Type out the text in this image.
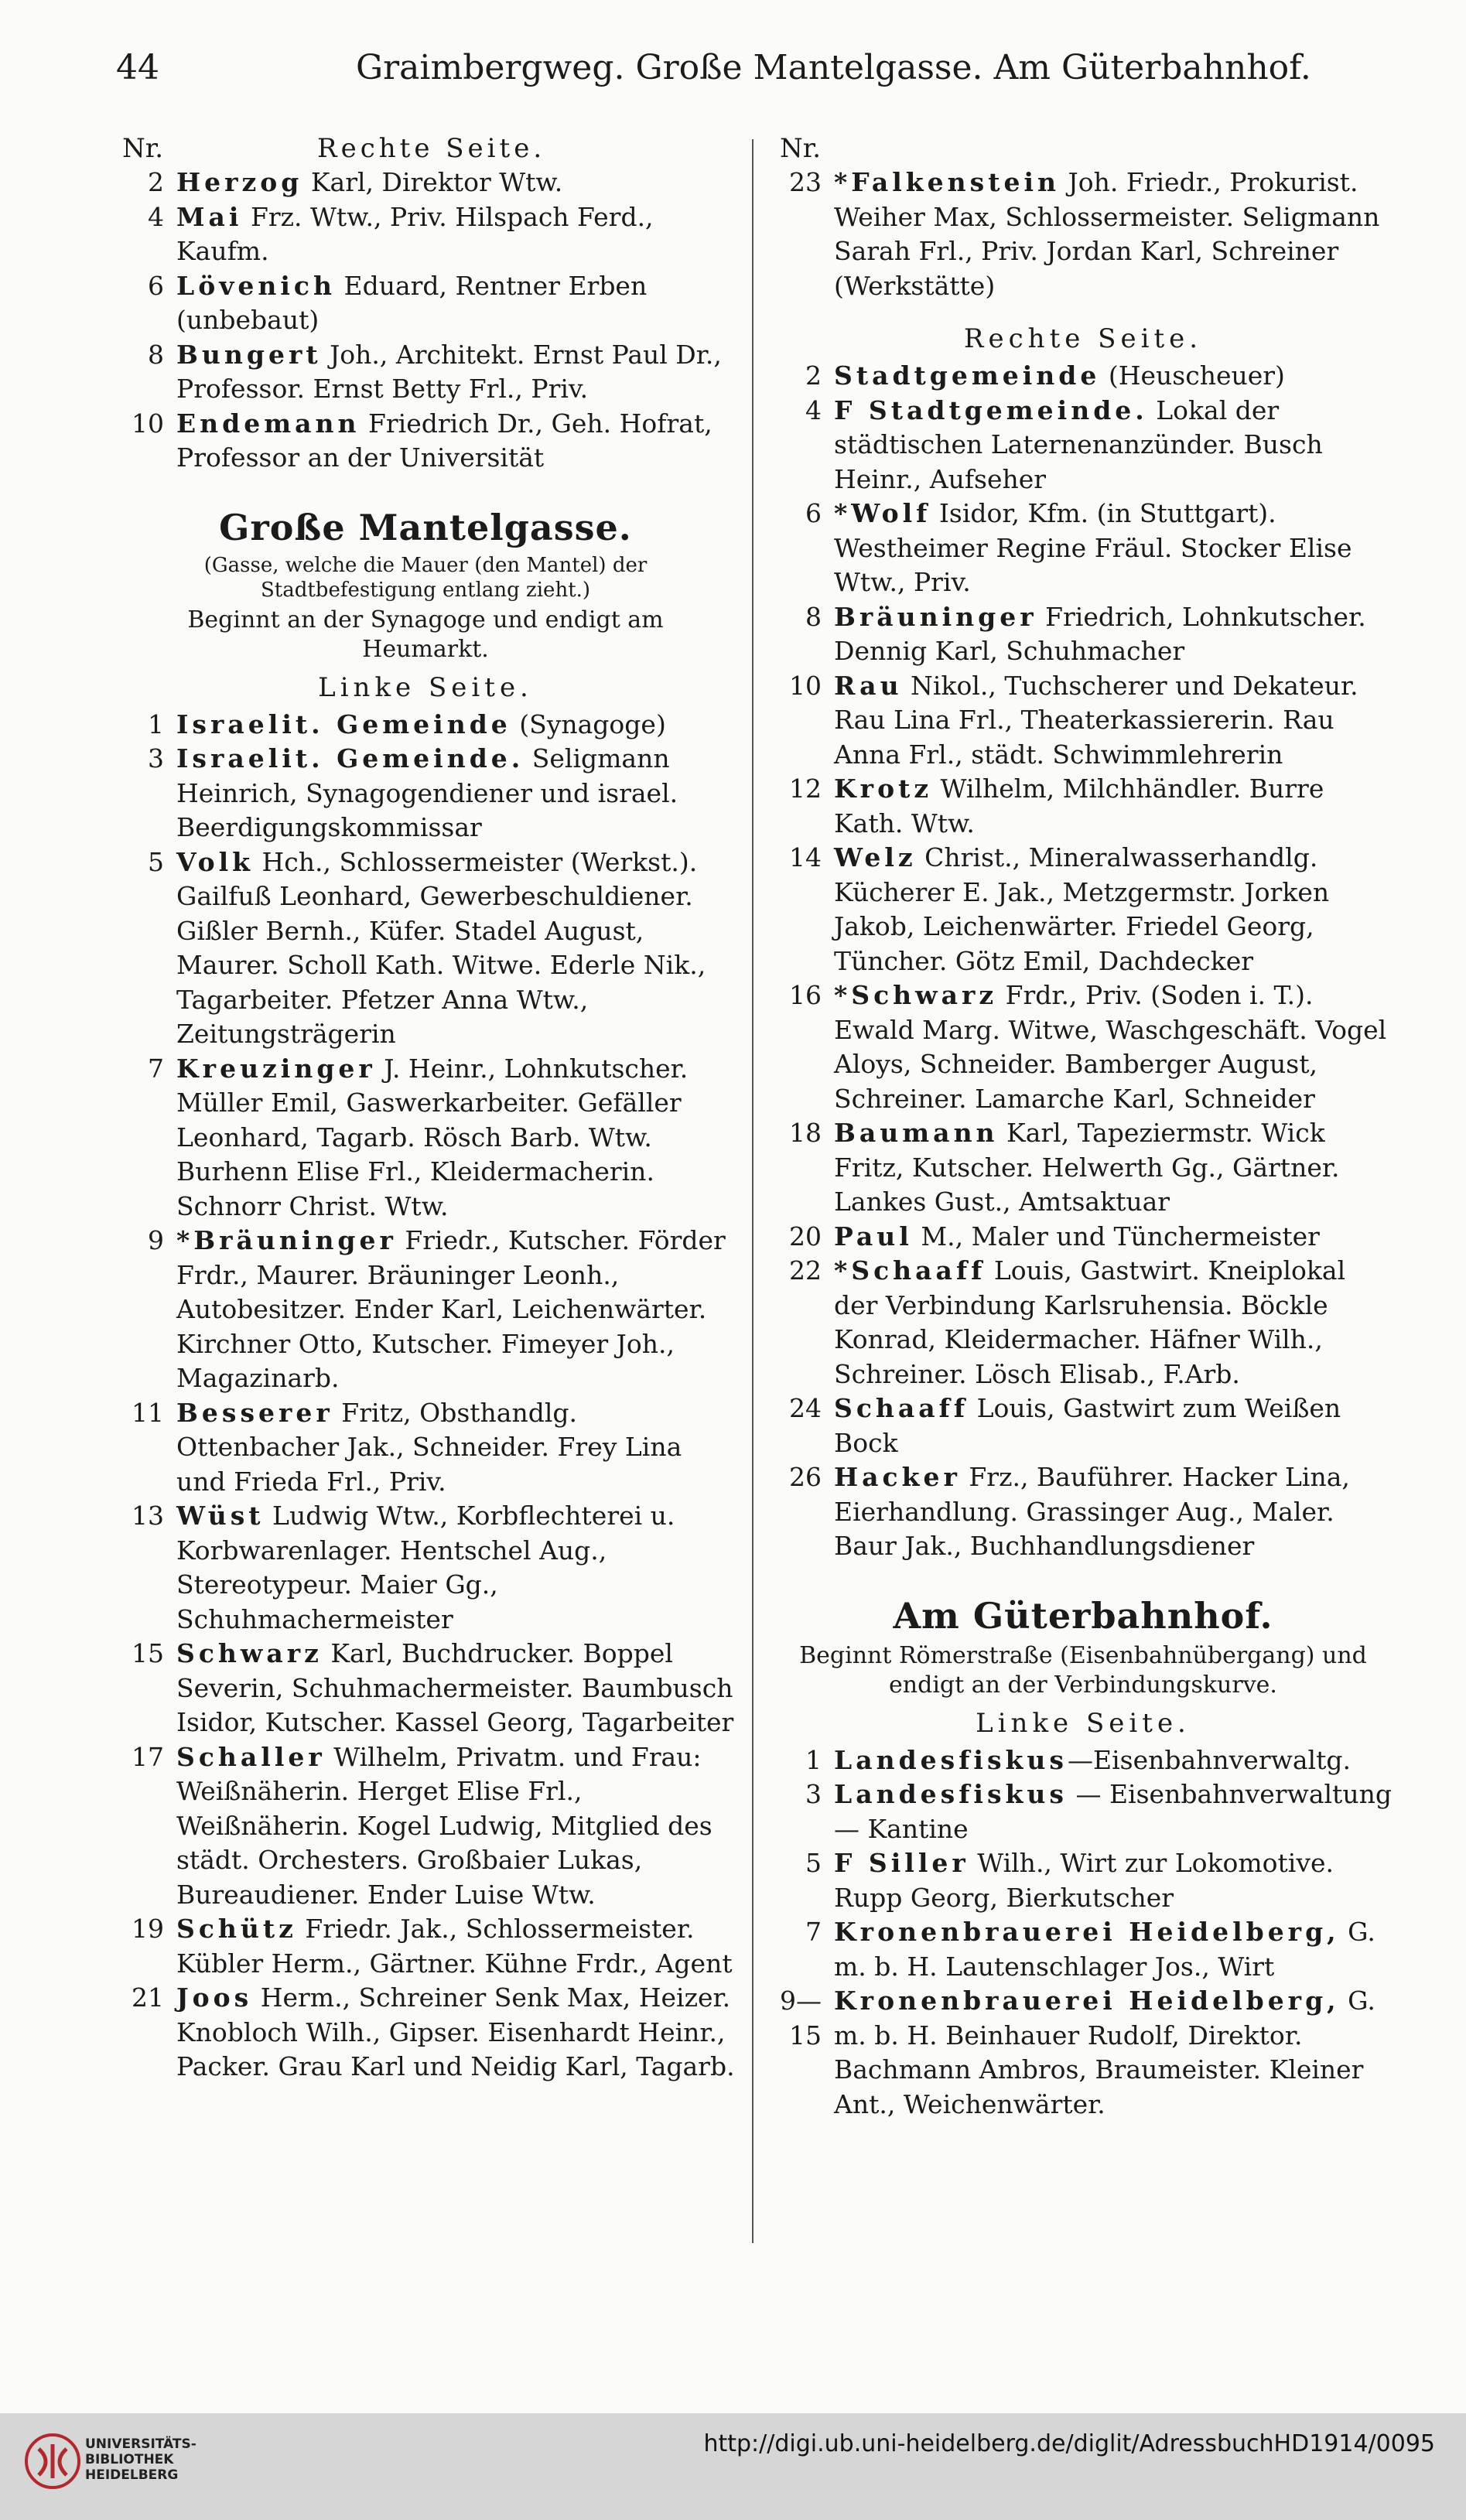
44	Graimbergweg. Große Mantelgasse. Am Güterbahnhof.
Nr.	Rechte Seite.
2 Herzog Karl, Direktor Wtw.
4 Mai Frz. Wtw., Priv. Hilspach Ferd., Kaufm.
6 Lövenich Eduard, Rentner Erben (unbebaut)
8 Bungert Joh., Architekt. Ernst Paul Dr., Professor. Ernst Betty Frl., Priv.
10 Endemann Friedrich Dr., Geh. Hofrat, Professor an der Universität
Große Mantelgasse.
(Gasse, welche die Mauer (den Mantel) der Stadtbefestigung entlang zieht.)
Beginnt an der Synagoge und endigt am Heumarkt.
Linke Seite.
1 Israelit. Gemeinde (Synagoge)
3 Israelit. Gemeinde. Seligmann Heinrich, Synagogendiener und israel. Beerdigungskommissar
5 Volk Hch., Schlossermeister (Werkst.). Gailfuß Leonhard, Gewerbeschuldiener. Gißler Bernh., Küfer. Stadel August, Maurer. Scholl Kath. Witwe. Ederle Nik., Tagarbeiter. Pfetzer Anna Wtw., Zeitungsträgerin
7 Kreuzinger J. Heinr., Lohnkutscher. Müller Emil, Gaswerkarbeiter. Gefäller Leonhard, Tagarb. Rösch Barb. Wtw. Burhenn Elise Frl., Kleidermacherin. Schnorr Christ. Wtw.
9 *Bräuninger Friedr., Kutscher. Förder Frdr., Maurer. Bräuninger Leonh., Autobesitzer. Ender Karl, Leichenwärter. Kirchner Otto, Kutscher. Fimeyer Joh., Magazinarb.
11 Besserer Fritz, Obsthandlg. Ottenbacher Jak., Schneider. Frey Lina und Frieda Frl., Priv.
13 Wüst Ludwig Wtw., Korbflechterei u. Korbwarenlager. Hentschel Aug., Stereotypeur. Maier Gg., Schuhmachermeister
15 Schwarz Karl, Buchdrucker. Boppel Severin, Schuhmachermeister. Baumbusch Isidor, Kutscher. Kassel Georg, Tagarbeiter
17 Schaller Wilhelm, Privatm. und Frau: Weißnäherin. Herget Elise Frl., Weißnäherin. Kogel Ludwig, Mitglied des städt. Orchesters. Großbaier Lukas, Bureaudiener. Ender Luise Wtw.
19 Schütz Friedr. Jak., Schlossermeister. Kübler Herm., Gärtner. Kühne Frdr., Agent
21 Joos Herm., Schreiner Senk Max, Heizer. Knobloch Wilh., Gipser. Eisenhardt Heinr., Packer. Grau Karl und Neidig Karl, Tagarb.
Nr.
23 *Falkenstein Joh. Friedr., Prokurist. Weiher Max, Schlossermeister. Seligmann Sarah Frl., Priv. Jordan Karl, Schreiner (Werkstätte)
Rechte Seite.
2 Stadtgemeinde (Heuscheuer)
4 F Stadtgemeinde. Lokal der städtischen Laternenanzünder. Busch Heinr., Aufseher
6 *Wolf Isidor, Kfm. (in Stuttgart). Westheimer Regine Fräul. Stocker Elise Wtw., Priv.
8 Bräuninger Friedrich, Lohnkutscher. Dennig Karl, Schuhmacher
10 Rau Nikol., Tuchscherer und Dekateur. Rau Lina Frl., Theaterkassiererin. Rau Anna Frl., städt. Schwimmlehrerin
12 Krotz Wilhelm, Milchhändler. Burre Kath. Wtw.
14 Welz Christ., Mineralwasserhandlg. Kücherer E. Jak., Metzgermstr. Jorken Jakob, Leichenwärter. Friedel Georg, Tüncher. Götz Emil, Dachdecker
16 *Schwarz Frdr., Priv. (Soden i. T.). Ewald Marg. Witwe, Waschgeschäft. Vogel Aloys, Schneider. Bamberger August, Schreiner. Lamarche Karl, Schneider
18 Baumann Karl, Tapeziermstr. Wick Fritz, Kutscher. Helwerth Gg., Gärtner. Lankes Gust., Amtsaktuar
20 Paul M., Maler und Tünchermeister
22 *Schaaff Louis, Gastwirt. Kneiplokal der Verbindung Karlsruhensia. Böckle Konrad, Kleidermacher. Häfner Wilh., Schreiner. Lösch Elisab., F.Arb.
24 Schaaff Louis, Gastwirt zum Weißen Bock
26 Hacker Frz., Bauführer. Hacker Lina, Eierhandlung. Grassinger Aug., Maler. Baur Jak., Buchhandlungsdiener
Am Güterbahnhof.
Beginnt Römerstraße (Eisenbahnübergang) und endigt an der Verbindungskurve.
Linke Seite.
1 Landesfiskus—Eisenbahnverwaltg.
3 Landesfiskus — Eisenbahnverwaltung — Kantine
5 F Siller Wilh., Wirt zur Lokomotive. Rupp Georg, Bierkutscher
7 Kronenbrauerei Heidelberg, G. m. b. H. Lautenschlager Jos., Wirt
9—15
Kronenbrauerei Heidelberg, G. m. b. H. Beinhauer Rudolf, Direktor. Bachmann Ambros, Braumeister. Kleiner Ant., Weichenwärter.
UNIVERSITÄTS-
BIBLIOTHEK
HEIDELBERG
http://digi.ub.uni-heidelberg.de/diglit/AdressbuchHD1914/0095
